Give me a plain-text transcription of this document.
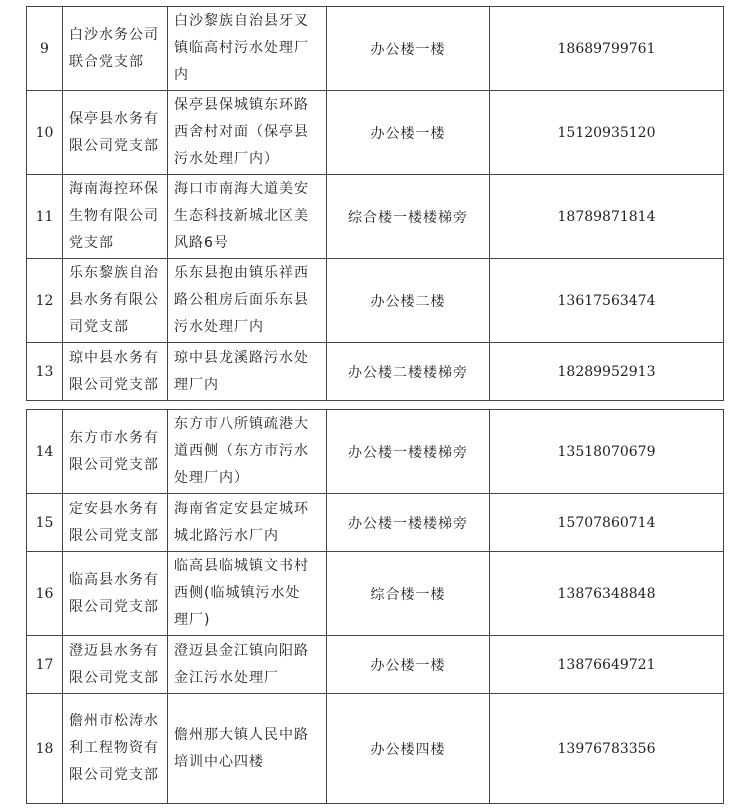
9	白沙水务公司
联合党支部	白沙黎族自治县牙叉
镇临高村污水处理厂
内	办公楼一楼	18689799761
10	保亭县水务有
限公司党支部	保亭县保城镇东环路
西舍村对面（保亭县
污水处理厂内）	办公楼一楼	15120935120
11	海南海控环保
生物有限公司
党支部	海口市南海大道美安
生态科技新城北区美
风路6号	综合楼一楼楼梯旁	18789871814
12	乐东黎族自治
县水务有限公
司党支部	乐东县抱由镇乐祥西
路公租房后面乐东县
污水处理厂内	办公楼二楼	13617563474
13	琼中县水务有
限公司党支部	琼中县龙溪路污水处
理厂内	办公楼二楼楼梯旁	18289952913
14	东方市水务有
限公司党支部	东方市八所镇疏港大
道西侧（东方市污水
处理厂内）	办公楼一楼楼梯旁	13518070679
15	定安县水务有
限公司党支部	海南省定安县定城环
城北路污水厂内	办公楼一楼楼梯旁	15707860714
16	临高县水务有
限公司党支部	临高县临城镇文书村
西侧(临城镇污水处
理厂)	综合楼一楼	13876348848
17	澄迈县水务有
限公司党支部	澄迈县金江镇向阳路
金江污水处理厂	办公楼一楼	13876649721
18	儋州市松涛水
利工程物资有
限公司党支部	儋州那大镇人民中路
培训中心四楼	办公楼四楼	13976783356
